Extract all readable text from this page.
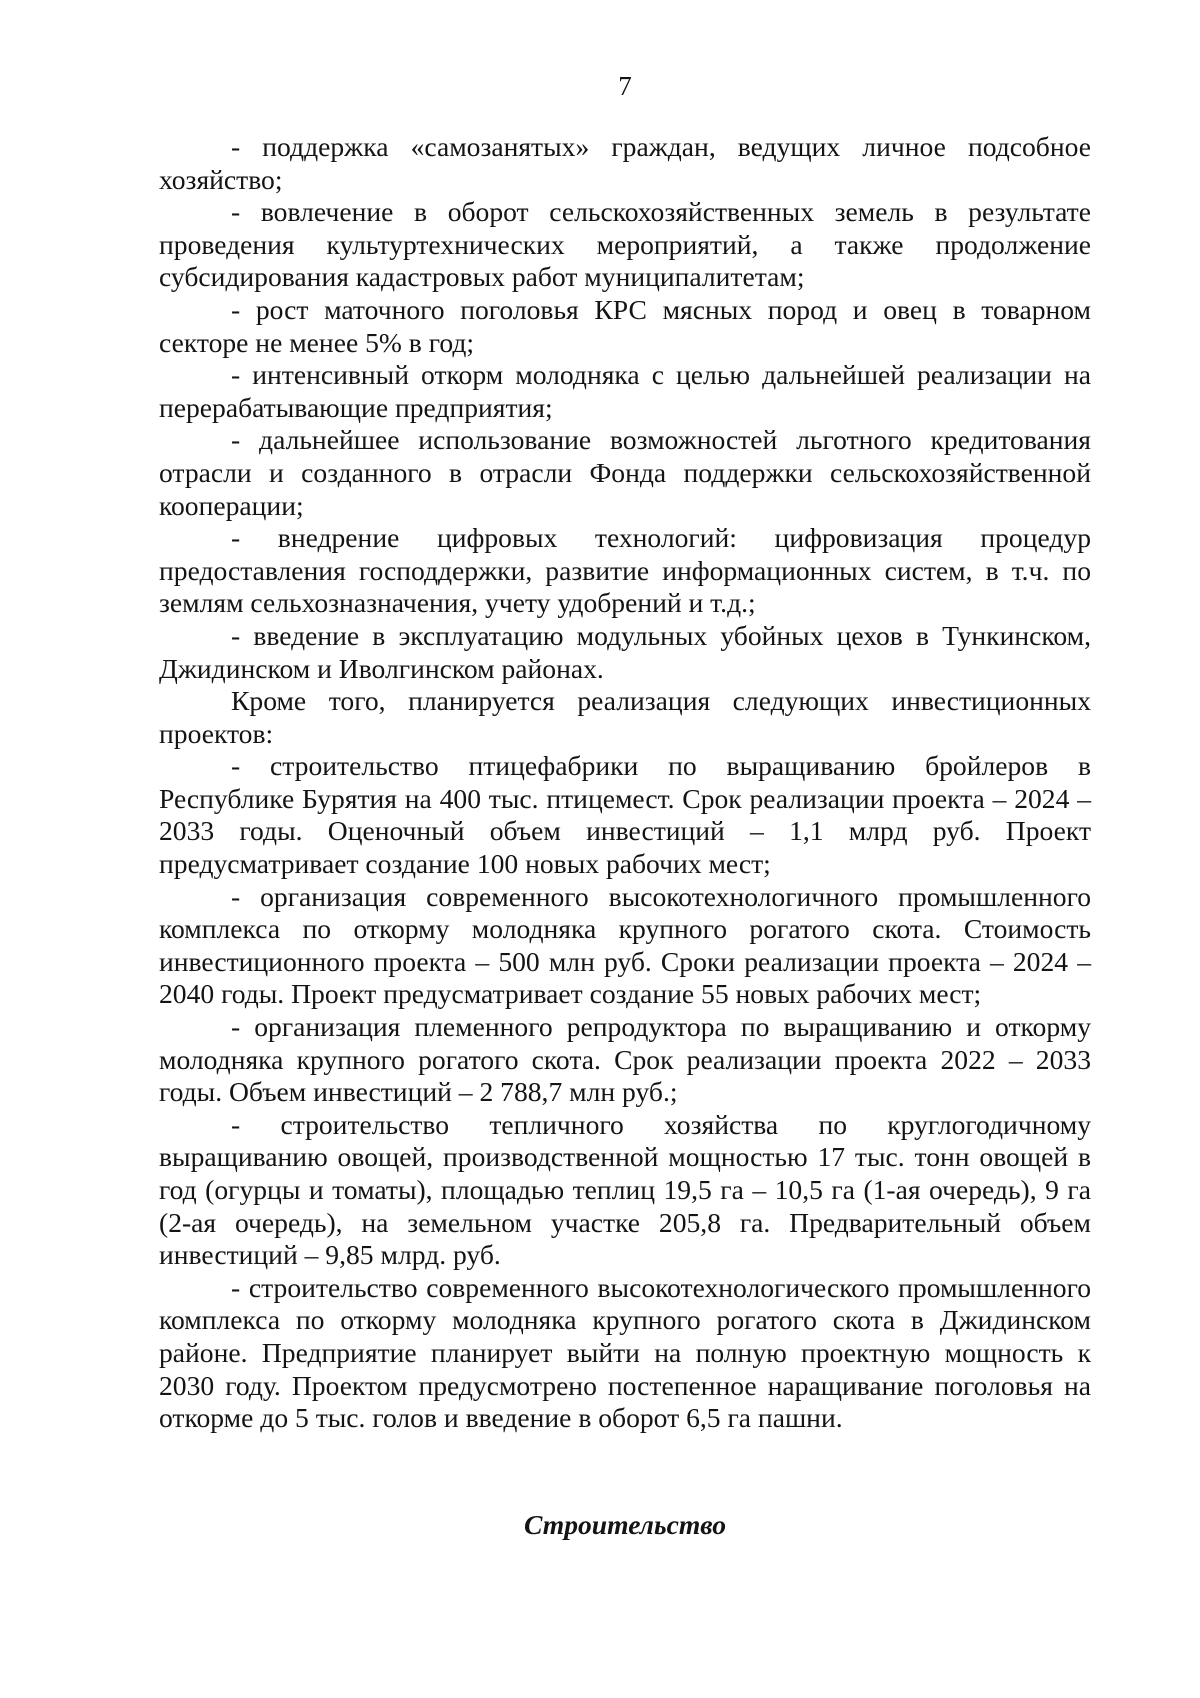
7

- поддержка «самозанятых» граждан, ведущих личное подсобное хозяйство;

- вовлечение в оборот сельскохозяйственных земель в результате проведения культуртехнических мероприятий, а также продолжение субсидирования кадастровых работ муниципалитетам;

- рост маточного поголовья КРС мясных пород и овец в товарном секторе не менее 5% в год;

- интенсивный откорм молодняка с целью дальнейшей реализации на перерабатывающие предприятия;

- дальнейшее использование возможностей льготного кредитования отрасли и созданного в отрасли Фонда поддержки сельскохозяйственной кооперации;

- внедрение цифровых технологий: цифровизация процедур предоставления господдержки, развитие информационных систем, в т.ч. по землям сельхозназначения, учету удобрений и т.д.;

- введение в эксплуатацию модульных убойных цехов в Тункинском, Джидинском и Иволгинском районах.

Кроме того, планируется реализация следующих инвестиционных проектов:

- строительство птицефабрики по выращиванию бройлеров в Республике Бурятия на 400 тыс. птицемест. Срок реализации проекта – 2024 – 2033 годы. Оценочный объем инвестиций – 1,1 млрд руб. Проект предусматривает создание 100 новых рабочих мест;

- организация современного высокотехнологичного промышленного комплекса по откорму молодняка крупного рогатого скота. Стоимость инвестиционного проекта – 500 млн руб. Сроки реализации проекта – 2024 – 2040 годы. Проект предусматривает создание 55 новых рабочих мест;

- организация племенного репродуктора по выращиванию и откорму молодняка крупного рогатого скота. Срок реализации проекта 2022 – 2033 годы. Объем инвестиций – 2 788,7 млн руб.;

- строительство тепличного хозяйства по круглогодичному выращиванию овощей, производственной мощностью 17 тыс. тонн овощей в год (огурцы и томаты), площадью теплиц 19,5 га – 10,5 га (1-ая очередь), 9 га (2-ая очередь), на земельном участке 205,8 га. Предварительный объем инвестиций – 9,85 млрд. руб.

- строительство современного высокотехнологического промышленного комплекса по откорму молодняка крупного рогатого скота в Джидинском районе. Предприятие планирует выйти на полную проектную мощность к 2030 году. Проектом предусмотрено постепенное наращивание поголовья на откорме до 5 тыс. голов и введение в оборот 6,5 га пашни.

Строительство
